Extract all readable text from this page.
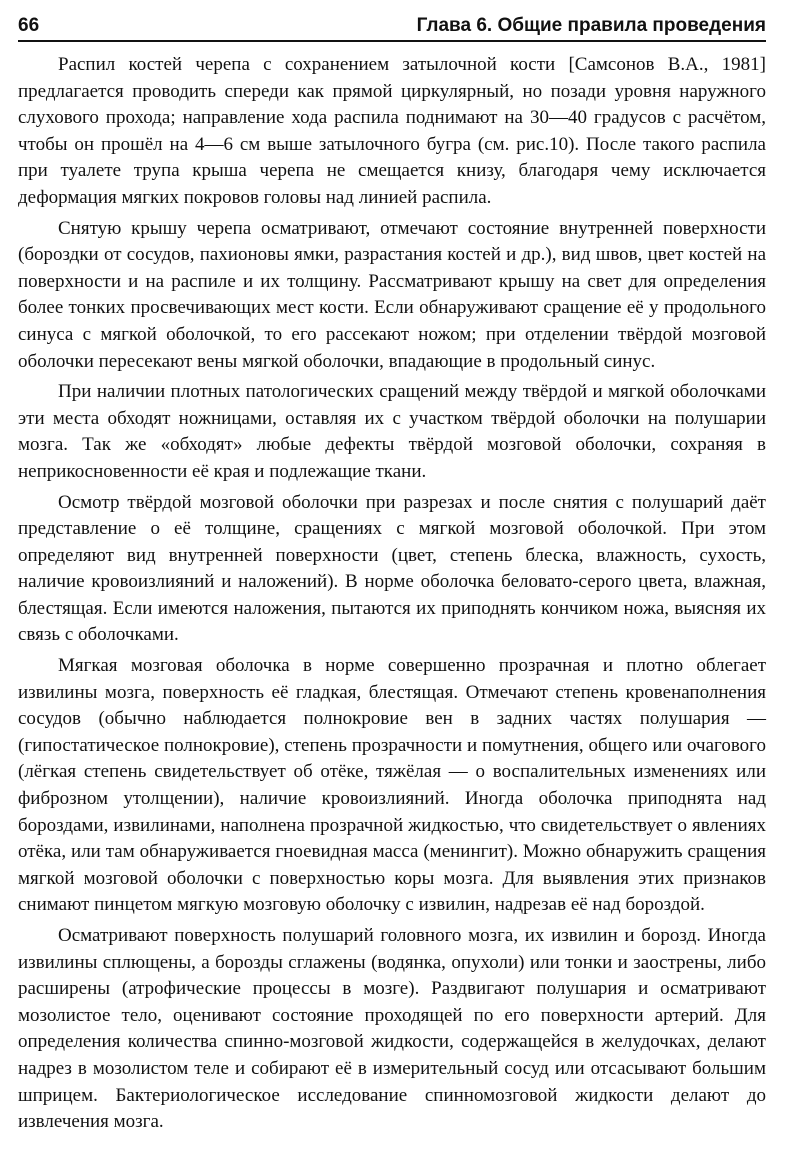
66	Глава 6. Общие правила проведения

Распил костей черепа с сохранением затылочной кости [Самсонов В.А., 1981] предлагается проводить спереди как прямой циркулярный, но позади уровня наружного слухового прохода; направление хода распила поднимают на 30—40 градусов с расчётом, чтобы он прошёл на 4—6 см выше затылочного бугра (см. рис.10). После такого распила при туалете трупа крыша черепа не смещается книзу, благодаря чему исключается деформация мягких покровов головы над линией распила.

Снятую крышу черепа осматривают, отмечают состояние внутренней поверхности (бороздки от сосудов, пахионовы ямки, разрастания костей и др.), вид швов, цвет костей на поверхности и на распиле и их толщину. Рассматривают крышу на свет для определения более тонких просвечивающих мест кости. Если обнаруживают сращение её у продольного синуса с мягкой оболочкой, то его рассекают ножом; при отделении твёрдой мозговой оболочки пересекают вены мягкой оболочки, впадающие в продольный синус.

При наличии плотных патологических сращений между твёрдой и мягкой оболочками эти места обходят ножницами, оставляя их с участком твёрдой оболочки на полушарии мозга. Так же «обходят» любые дефекты твёрдой мозговой оболочки, сохраняя в неприкосновенности её края и подлежащие ткани.

Осмотр твёрдой мозговой оболочки при разрезах и после снятия с полушарий даёт представление о её толщине, сращениях с мягкой мозговой оболочкой. При этом определяют вид внутренней поверхности (цвет, степень блеска, влажность, сухость, наличие кровоизлияний и наложений). В норме оболочка беловато-серого цвета, влажная, блестящая. Если имеются наложения, пытаются их приподнять кончиком ножа, выясняя их связь с оболочками.

Мягкая мозговая оболочка в норме совершенно прозрачная и плотно облегает извилины мозга, поверхность её гладкая, блестящая. Отмечают степень кровенаполнения сосудов (обычно наблюдается полнокровие вен в задних частях полушария — (гипостатическое полнокровие), степень прозрачности и помутнения, общего или очагового (лёгкая степень свидетельствует об отёке, тяжёлая — о воспалительных изменениях или фиброзном утолщении), наличие кровоизлияний. Иногда оболочка приподнята над бороздами, извилинами, наполнена прозрачной жидкостью, что свидетельствует о явлениях отёка, или там обнаруживается гноевидная масса (менингит). Можно обнаружить сращения мягкой мозговой оболочки с поверхностью коры мозга. Для выявления этих признаков снимают пинцетом мягкую мозговую оболочку с извилин, надрезав её над бороздой.

Осматривают поверхность полушарий головного мозга, их извилин и борозд. Иногда извилины сплющены, а борозды сглажены (водянка, опухоли) или тонки и заострены, либо расширены (атрофические процессы в мозге). Раздвигают полушария и осматривают мозолистое тело, оценивают состояние проходящей по его поверхности артерий. Для определения количества спинно-мозговой жидкости, содержащейся в желудочках, делают надрез в мозолистом теле и собирают её в измерительный сосуд или отсасывают большим шприцем. Бактериологическое исследование спинномозговой жидкости делают до извлечения мозга.
